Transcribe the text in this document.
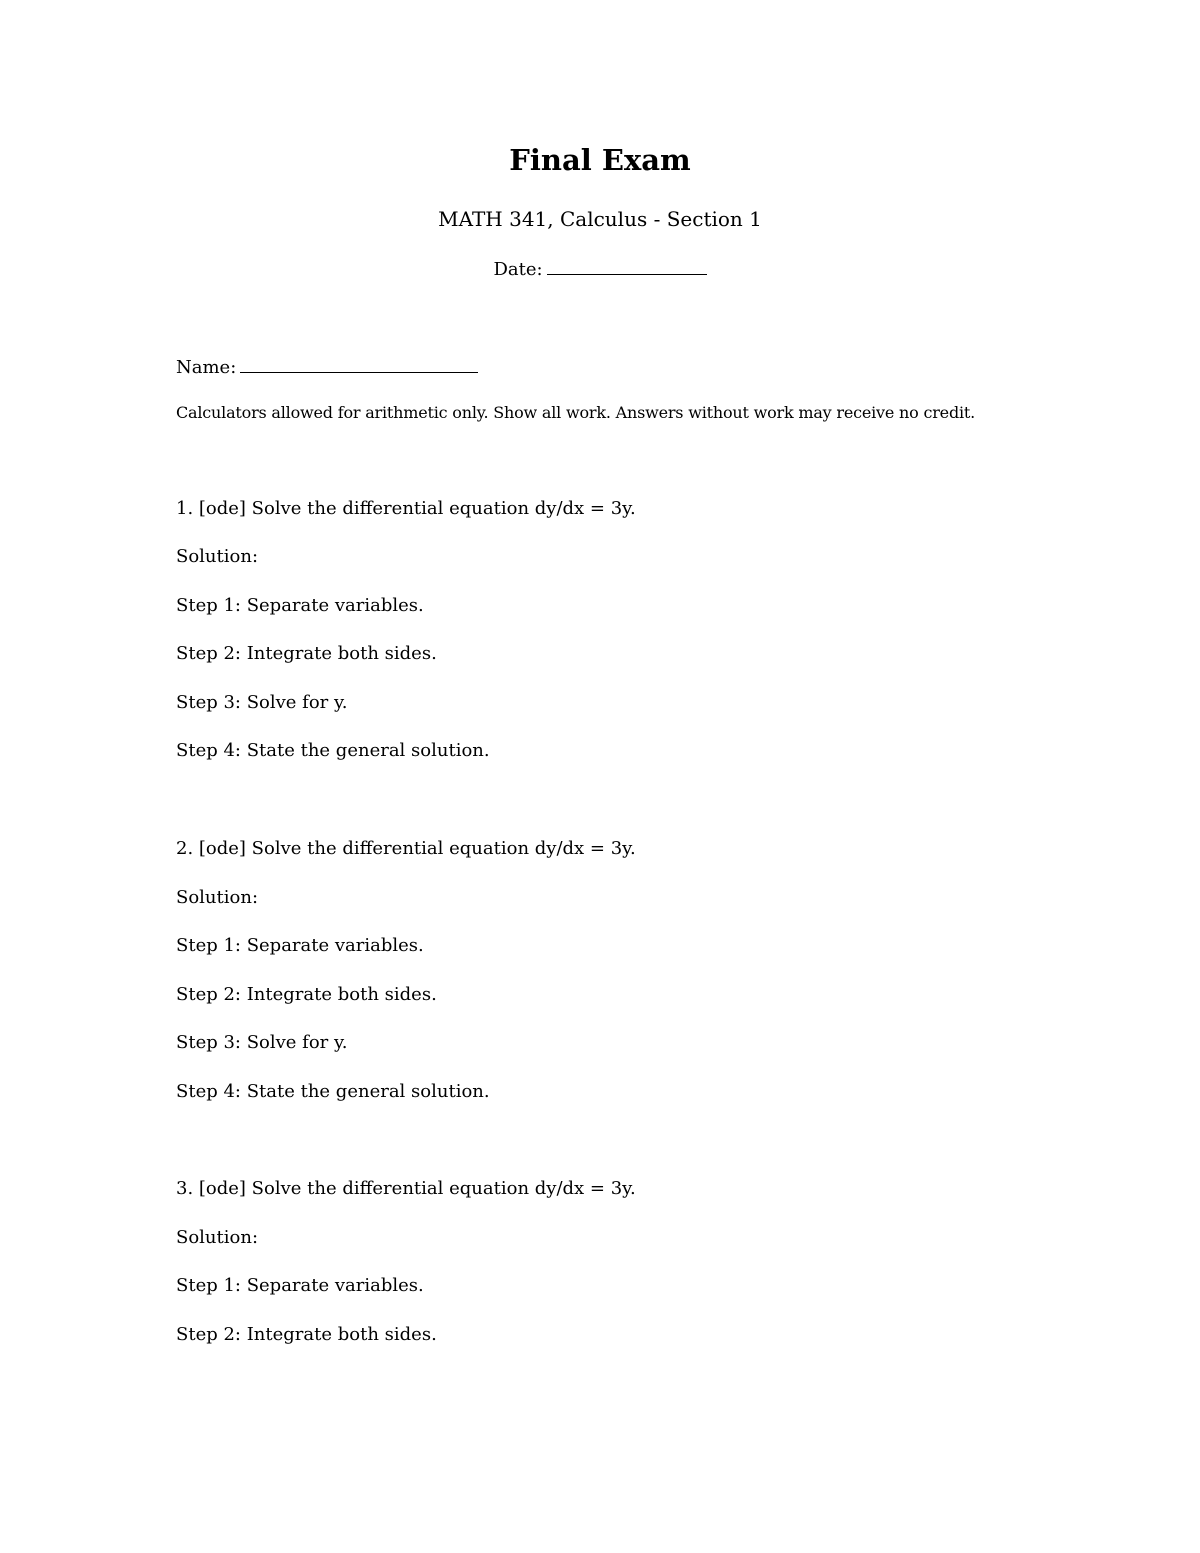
Final Exam
MATH 341, Calculus - Section 1
Date:
Name:
Calculators allowed for arithmetic only. Show all work. Answers without work may receive no credit.
1. [ode] Solve the differential equation dy/dx = 3y.
Solution:
Step 1: Separate variables.
Step 2: Integrate both sides.
Step 3: Solve for y.
Step 4: State the general solution.
2. [ode] Solve the differential equation dy/dx = 3y.
Solution:
Step 1: Separate variables.
Step 2: Integrate both sides.
Step 3: Solve for y.
Step 4: State the general solution.
3. [ode] Solve the differential equation dy/dx = 3y.
Solution:
Step 1: Separate variables.
Step 2: Integrate both sides.
